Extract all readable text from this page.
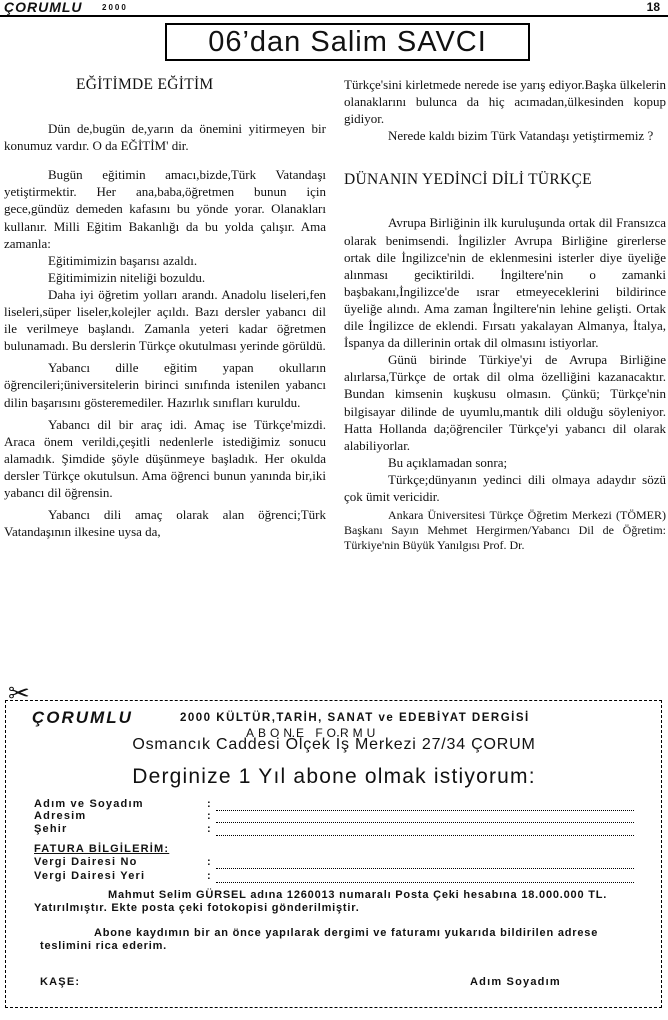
ÇORUMLU 2000	18
06’dan Salim SAVCI

EĞİTİMDE EĞİTİM

Dün de,bugün de,yarın da önemini yitirmeyen bir konumuz vardır. O da EĞİTİM' dir.

Bugün eğitimin amacı,bizde,Türk Vatandaşı yetiştirmektir. Her ana,baba,öğretmen bunun için gece,gündüz demeden kafasını bu yönde yorar. Olanakları kullanır. Milli Eğitim Bakanlığı da bu yolda çalışır. Ama zamanla:

Eğitimimizin başarısı azaldı.

Eğitimimizin niteliği bozuldu.

Daha iyi öğretim yolları arandı. Anadolu liseleri,fen liseleri,süper liseler,kolejler açıldı. Bazı dersler yabancı dil ile verilmeye başlandı. Zamanla yeteri kadar öğretmen bulunamadı. Bu derslerin Türkçe okutulması yerinde görüldü.

Yabancı dille eğitim yapan okulların öğrencileri;üniversitelerin birinci sınıfında istenilen yabancı dilin başarısını gösteremediler. Hazırlık sınıfları kuruldu.

Yabancı dil bir araç idi. Amaç ise Türkçe'mizdi. Araca önem verildi,çeşitli nedenlerle istediğimiz sonucu alamadık. Şimdide şöyle düşünmeye başladık. Her okulda dersler Türkçe okutulsun. Ama öğrenci bunun yanında bir,iki yabancı dil öğrensin.

Yabancı dili amaç olarak alan öğrenci;Türk Vatandaşının ilkesine uysa da,

Türkçe'sini kirletmede nerede ise yarış ediyor.Başka ülkelerin olanaklarını bulunca da hiç acımadan,ülkesinden kopup gidiyor.

Nerede kaldı bizim Türk Vatandaşı yetiştirmemiz ?

DÜNANIN YEDİNCİ DİLİ TÜRKÇE

Avrupa Birliğinin ilk kuruluşunda ortak dil Fransızca olarak benimsendi. İngilizler Avrupa Birliğine girerlerse ortak dile İngilizce'nin de eklenmesini isterler diye üyeliğe alınması geciktirildi. İngiltere'nin o zamanki başbakanı,İngilizce'de ısrar etmeyeceklerini bildirince üyeliğe alındı. Ama zaman İngiltere'nin lehine gelişti. Ortak dile İngilizce de eklendi. Fırsatı yakalayan Almanya, İtalya, İspanya da dillerinin ortak dil olmasını istiyorlar.

Günü birinde Türkiye'yi de Avrupa Birliğine alırlarsa,Türkçe de ortak dil olma özelliğini kazanacaktır. Bundan kimsenin kuşkusu olmasın. Çünkü; Türkçe'nin bilgisayar dilinde de uyumlu,mantık dili olduğu söyleniyor. Hatta Hollanda da;öğrenciler Türkçe'yi yabancı dil olarak alabiliyorlar.

Bu açıklamadan sonra;

Türkçe;dünyanın yedinci dili olmaya adaydır sözü çok ümit vericidir.

Ankara Üniversitesi Türkçe Öğretim Merkezi (TÖMER) Başkanı Sayın Mehmet Hergirmen/Yabancı Dil de Öğretim: Türkiye'nin Büyük Yanılgısı Prof. Dr.

✂
ÇORUMLU	2000 KÜLTÜR,TARİH, SANAT ve EDEBİYAT DERGİSİ
ABONE FORMU
Osmancık Caddesi Ölçek İş Merkezi 27/34 ÇORUM
Derginize 1 Yıl abone olmak istiyorum:
Adım ve Soyadım	:
Adresim	:
Şehir	:
FATURA BİLGİLERİM:
Vergi Dairesi No	:
Vergi Dairesi Yeri	:
Mahmut Selim GÜRSEL adına 1260013 numaralı Posta Çeki hesabına 18.000.000 TL. Yatırılmıştır. Ekte posta çeki fotokopisi gönderilmiştir.
Abone kaydımın bir an önce yapılarak dergimi ve faturamı yukarıda bildirilen adrese teslimini rica ederim.
KAŞE:	Adım Soyadım
